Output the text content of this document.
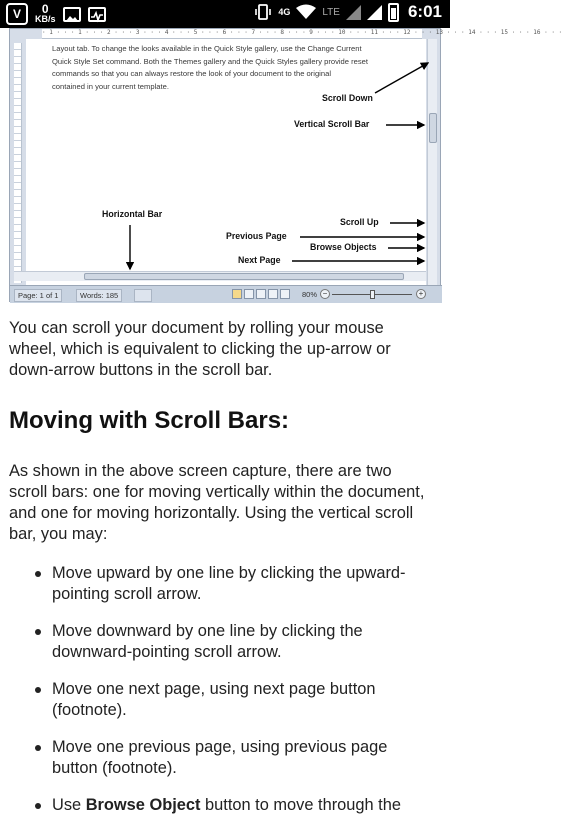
V 0
KB/s
4G	LTE	6:01
· 1 · · · 1 · · · 2 · · · 3 · · · 4 · · · 5 · · · 6 · · · 7 · · · 8 · · · 9 · · · 10 · · · 11 · · · 12 · · · 13 · · · 14 · · · 15 · · · 16 · · ·
Layout tab. To change the looks available in the Quick Style gallery, use the Change Current
Quick Style Set command. Both the Themes gallery and the Quick Styles gallery provide reset
commands so that you can always restore the look of your document to the original
contained in your current template.
Scroll Down
Vertical Scroll Bar
Horizontal Bar
Scroll Up
Previous Page
Browse Objects
Next Page
Page: 1 of 1	Words: 185	80% −	+

You can scroll your document by rolling your mouse wheel, which is equivalent to clicking the up-arrow or down-arrow buttons in the scroll bar.

Moving with Scroll Bars:

As shown in the above screen capture, there are two scroll bars: one for moving vertically within the document, and one for moving horizontally. Using the vertical scroll bar, you may:

Move upward by one line by clicking the upward-pointing scroll arrow.
Move downward by one line by clicking the downward-pointing scroll arrow.
Move one next page, using next page button (footnote).
Move one previous page, using previous page button (footnote).
Use Browse Object button to move through the
